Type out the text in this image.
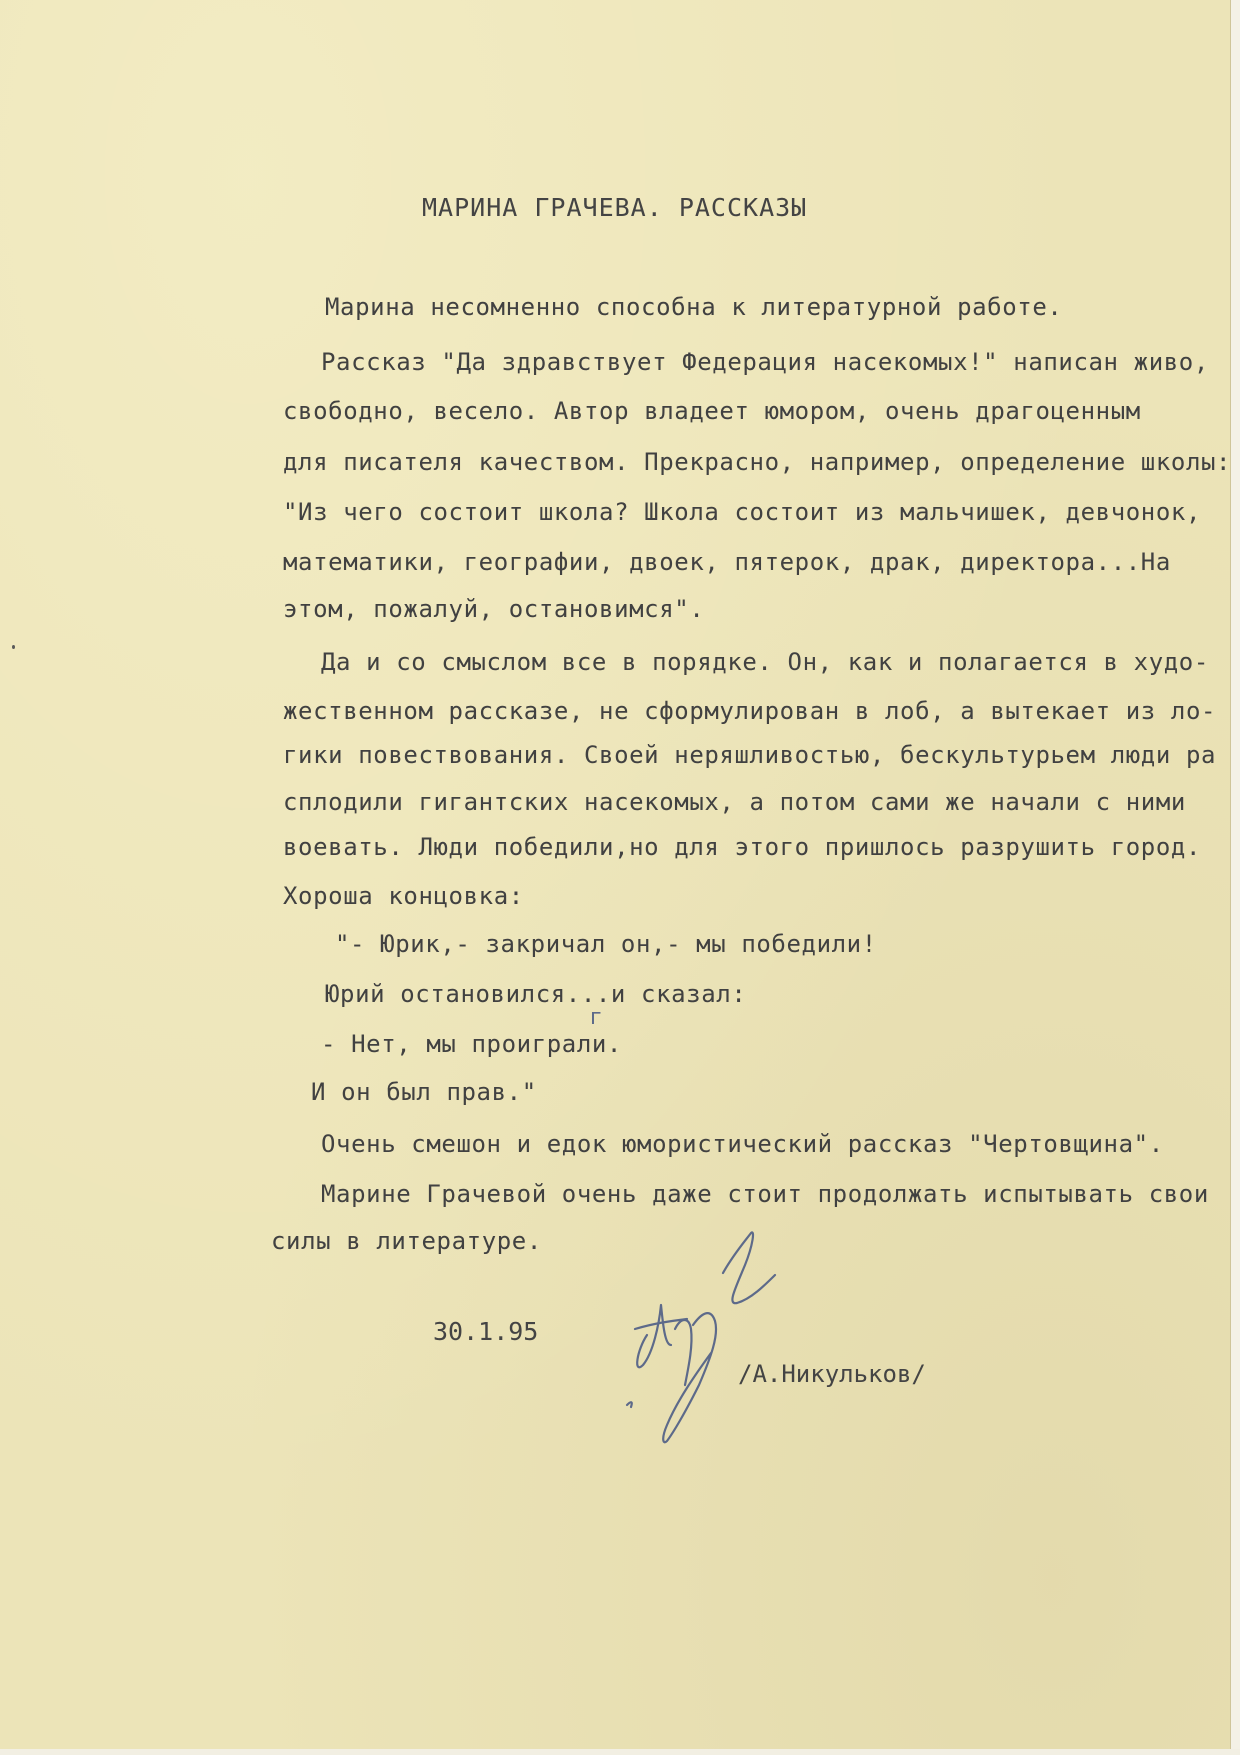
МАРИНА ГРАЧЕВА. РАССКАЗЫ
Марина несомненно способна к литературной работе.
Рассказ "Да здравствует Федерация насекомых!" написан живо,
свободно, весело. Автор владеет юмором, очень драгоценным
для писателя качеством. Прекрасно, например, определение школы:
"Из чего состоит школа? Школа состоит из мальчишек, девчонок,
математики, географии, двоек, пятерок, драк, директора...На
этом, пожалуй, остановимся".
Да и со смыслом все в порядке. Он, как и полагается в худо-
жественном рассказе, не сформулирован в лоб, а вытекает из ло-
гики повествования. Своей неряшливостью, бескультурьем люди ра
сплодили гигантских насекомых, а потом сами же начали с ними
воевать. Люди победили,но для этого пришлось разрушить город.
Хороша концовка:
"- Юрик,- закричал он,- мы победили!
Юрий остановился...и сказал:
- Нет, мы проиграли.
И он был прав."
Очень смешон и едок юмористический рассказ "Чертовщина".
Марине Грачевой очень даже стоит продолжать испытывать свои
силы в литературе.
г
30.1.95
/А.Никульков/
